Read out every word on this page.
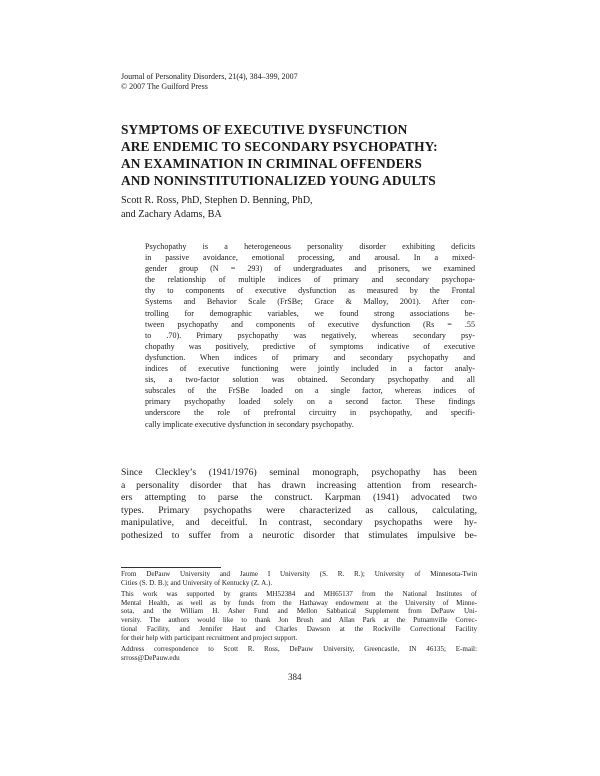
Journal of Personality Disorders, 21(4), 384–399, 2007
© 2007 The Guilford Press
SYMPTOMS OF EXECUTIVE DYSFUNCTION
ARE ENDEMIC TO SECONDARY PSYCHOPATHY:
AN EXAMINATION IN CRIMINAL OFFENDERS
AND NONINSTITUTIONALIZED YOUNG ADULTS
Scott R. Ross, PhD, Stephen D. Benning, PhD,
and Zachary Adams, BA
Psychopathy is a heterogeneous personality disorder exhibiting deficits
in passive avoidance, emotional processing, and arousal. In a mixed-
gender group (N = 293) of undergraduates and prisoners, we examined
the relationship of multiple indices of primary and secondary psychopa-
thy to components of executive dysfunction as measured by the Frontal
Systems and Behavior Scale (FrSBe; Grace & Malloy, 2001). After con-
trolling for demographic variables, we found strong associations be-
tween psychopathy and components of executive dysfunction (Rs = .55
to .70). Primary psychopathy was negatively, whereas secondary psy-
chopathy was positively, predictive of symptoms indicative of executive
dysfunction. When indices of primary and secondary psychopathy and
indices of executive functioning were jointly included in a factor analy-
sis, a two-factor solution was obtained. Secondary psychopathy and all
subscales of the FrSBe loaded on a single factor, whereas indices of
primary psychopathy loaded solely on a second factor. These findings
underscore the role of prefrontal circuitry in psychopathy, and specifi-
cally implicate executive dysfunction in secondary psychopathy.
Since Cleckley’s (1941/1976) seminal monograph, psychopathy has been
a personality disorder that has drawn increasing attention from research-
ers attempting to parse the construct. Karpman (1941) advocated two
types. Primary psychopaths were characterized as callous, calculating,
manipulative, and deceitful. In contrast, secondary psychopaths were hy-
pothesized to suffer from a neurotic disorder that stimulates impulsive be-
From DePauw University and Jaume I University (S. R. R.); University of Minnesota-Twin
Cities (S. D. B.); and University of Kentucky (Z. A.).
This work was supported by grants MH52384 and MH65137 from the National Institutes of
Mental Health, as well as by funds from the Hathaway endowment at the University of Minne-
sota, and the William H. Asher Fund and Mellon Sabbatical Supplement from DePauw Uni-
versity. The authors would like to thank Jon Brush and Allan Park at the Putnamville Correc-
tional Facility, and Jennifer Haut and Charles Dawson at the Rockville Correctional Facility
for their help with participant recruitment and project support.
Address correspondence to Scott R. Ross, DePauw University, Greencastle, IN 46135; E-mail:
srross@DePauw.edu
384
